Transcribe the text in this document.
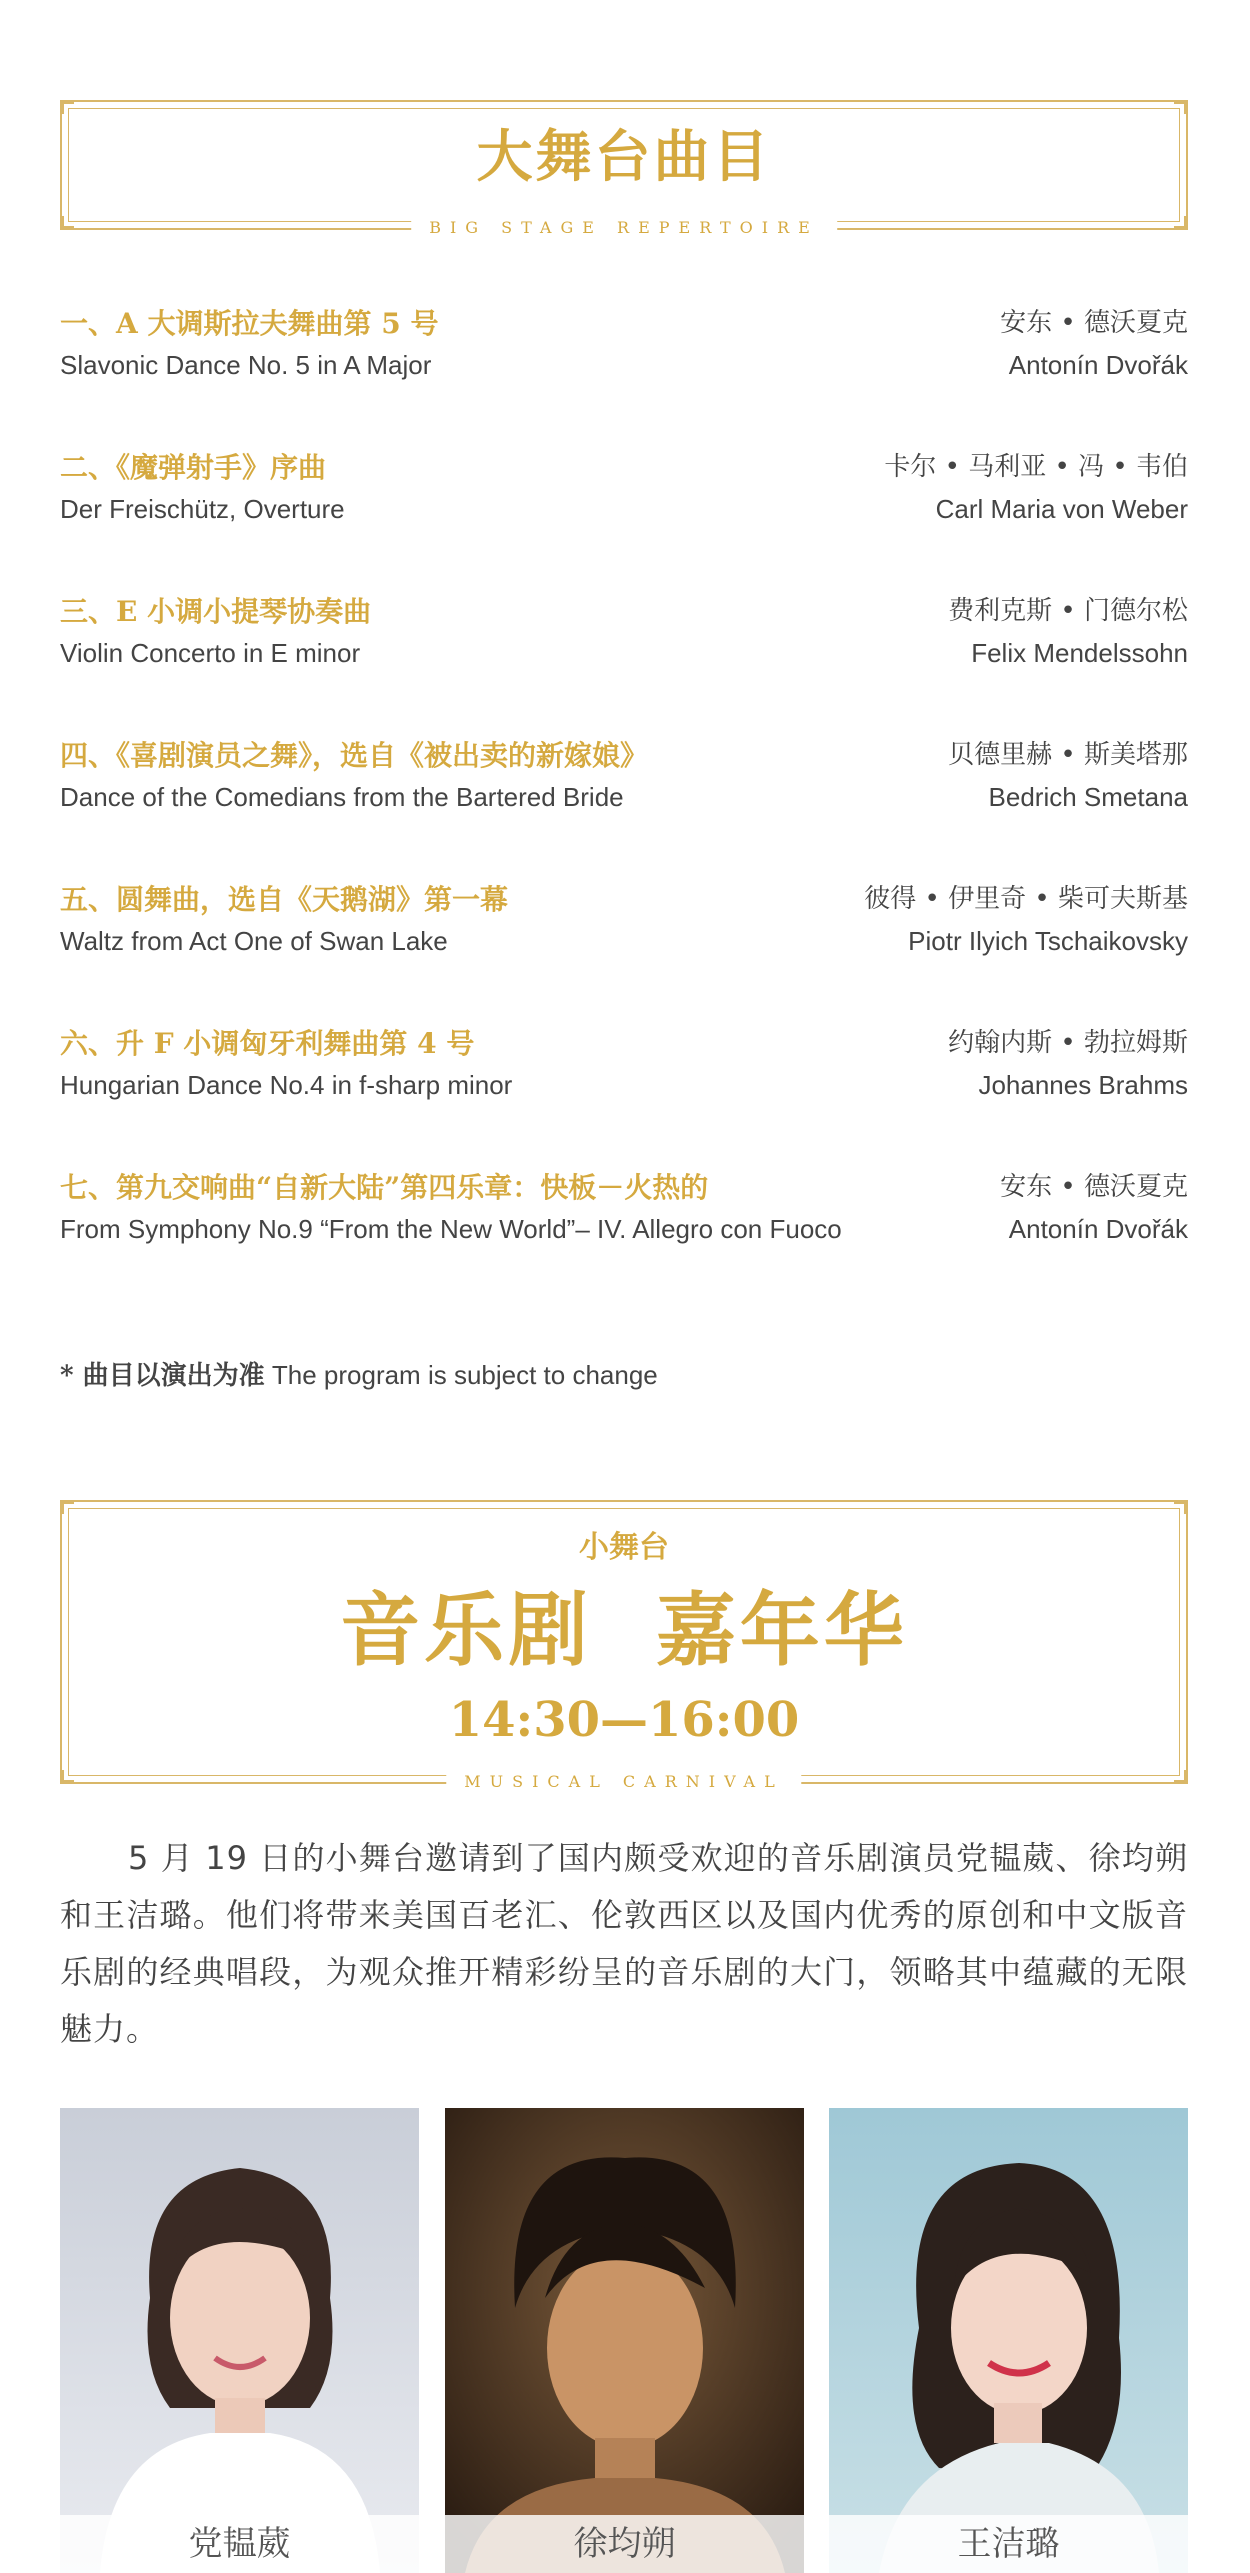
大舞台曲目
BIG STAGE REPERTOIRE
一、A 大调斯拉夫舞曲第 5 号
Slavonic Dance No. 5 in A Major
安东 • 德沃夏克
Antonín Dvořák
二、《魔弹射手》序曲
Der Freischütz, Overture
卡尔 • 马利亚 • 冯 • 韦伯
Carl Maria von Weber
三、E 小调小提琴协奏曲
Violin Concerto in E minor
费利克斯 • 门德尔松
Felix Mendelssohn
四、《喜剧演员之舞》，选自《被出卖的新嫁娘》
Dance of the Comedians from the Bartered Bride
贝德里赫 • 斯美塔那
Bedrich Smetana
五、圆舞曲，选自《天鹅湖》第一幕
Waltz from Act One of Swan Lake
彼得 • 伊里奇 • 柴可夫斯基
Piotr Ilyich Tschaikovsky
六、升 F 小调匈牙利舞曲第 4 号
Hungarian Dance No.4 in f-sharp minor
约翰内斯 • 勃拉姆斯
Johannes Brahms
七、第九交响曲“自新大陆”第四乐章：快板－火热的
From Symphony No.9 “From the New World”– IV. Allegro con Fuoco
安东 • 德沃夏克
Antonín Dvořák
* 曲目以演出为准 The program is subject to change
小舞台
音乐剧  嘉年华
14:30—16:00
MUSICAL CARNIVAL
5 月 19 日的小舞台邀请到了国内颇受欢迎的音乐剧演员党韫葳、徐均朔和王洁璐。他们将带来美国百老汇、伦敦西区以及国内优秀的原创和中文版音乐剧的经典唱段，为观众推开精彩纷呈的音乐剧的大门，领略其中蕴藏的无限魅力。
党韫葳	徐均朔	王洁璐
